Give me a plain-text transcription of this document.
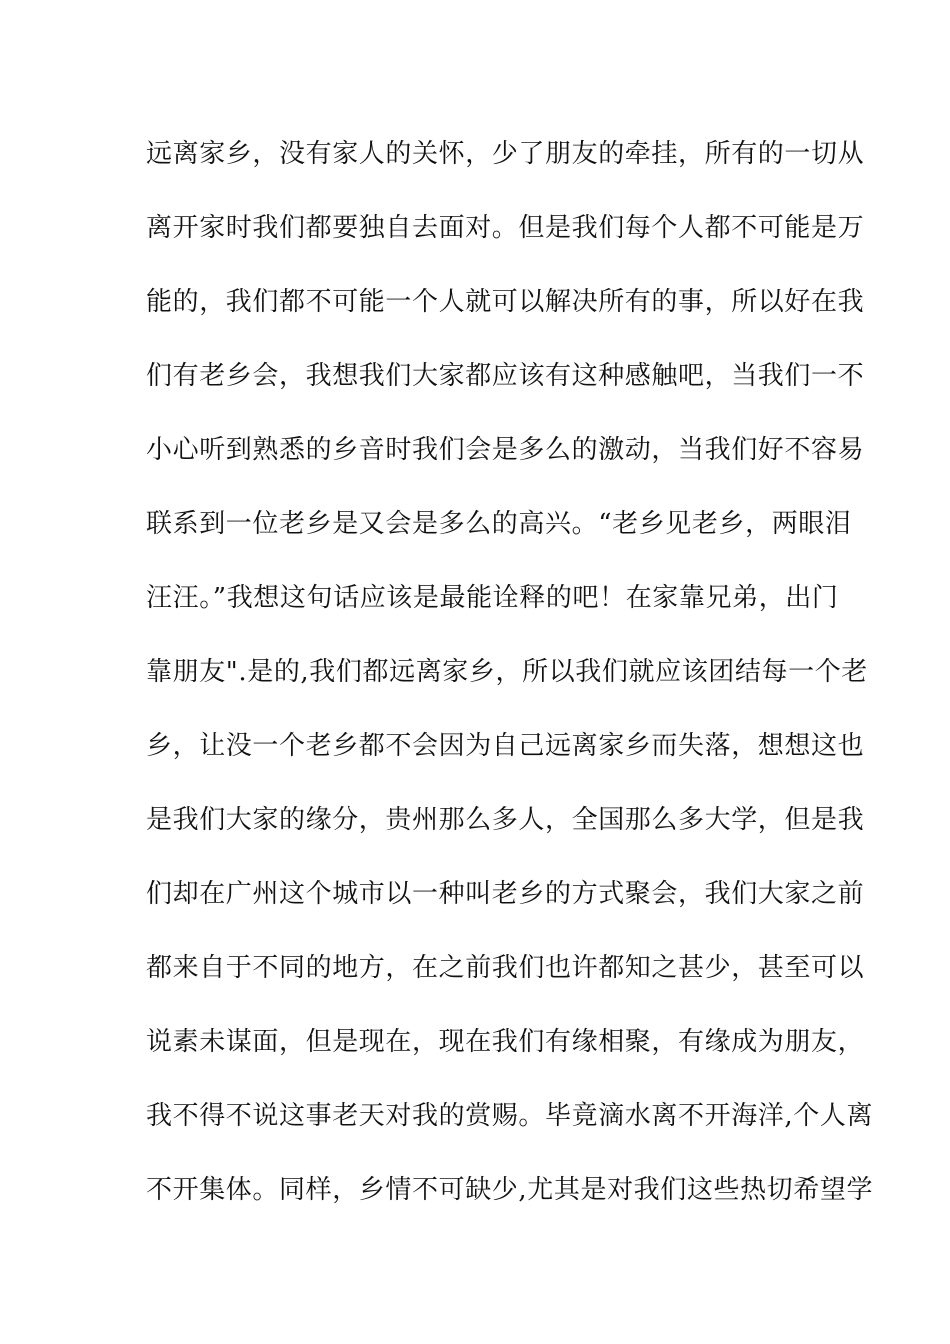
远离家乡，没有家人的关怀，少了朋友的牵挂，所有的一切从
离开家时我们都要独自去面对。但是我们每个人都不可能是万
能的，我们都不可能一个人就可以解决所有的事，所以好在我
们有老乡会，我想我们大家都应该有这种感触吧，当我们一不
小心听到熟悉的乡音时我们会是多么的激动，当我们好不容易
联系到一位老乡是又会是多么的高兴。“老乡见老乡，两眼泪
汪汪。”我想这句话应该是最能诠释的吧！在家靠兄弟，出门
靠朋友".是的,我们都远离家乡，所以我们就应该团结每一个老
乡，让没一个老乡都不会因为自己远离家乡而失落，想想这也
是我们大家的缘分，贵州那么多人，全国那么多大学，但是我
们却在广州这个城市以一种叫老乡的方式聚会，我们大家之前
都来自于不同的地方，在之前我们也许都知之甚少，甚至可以
说素未谋面，但是现在，现在我们有缘相聚，有缘成为朋友，
我不得不说这事老天对我的赏赐。毕竟滴水离不开海洋,个人离
不开集体。同样，乡情不可缺少,尤其是对我们这些热切希望学
